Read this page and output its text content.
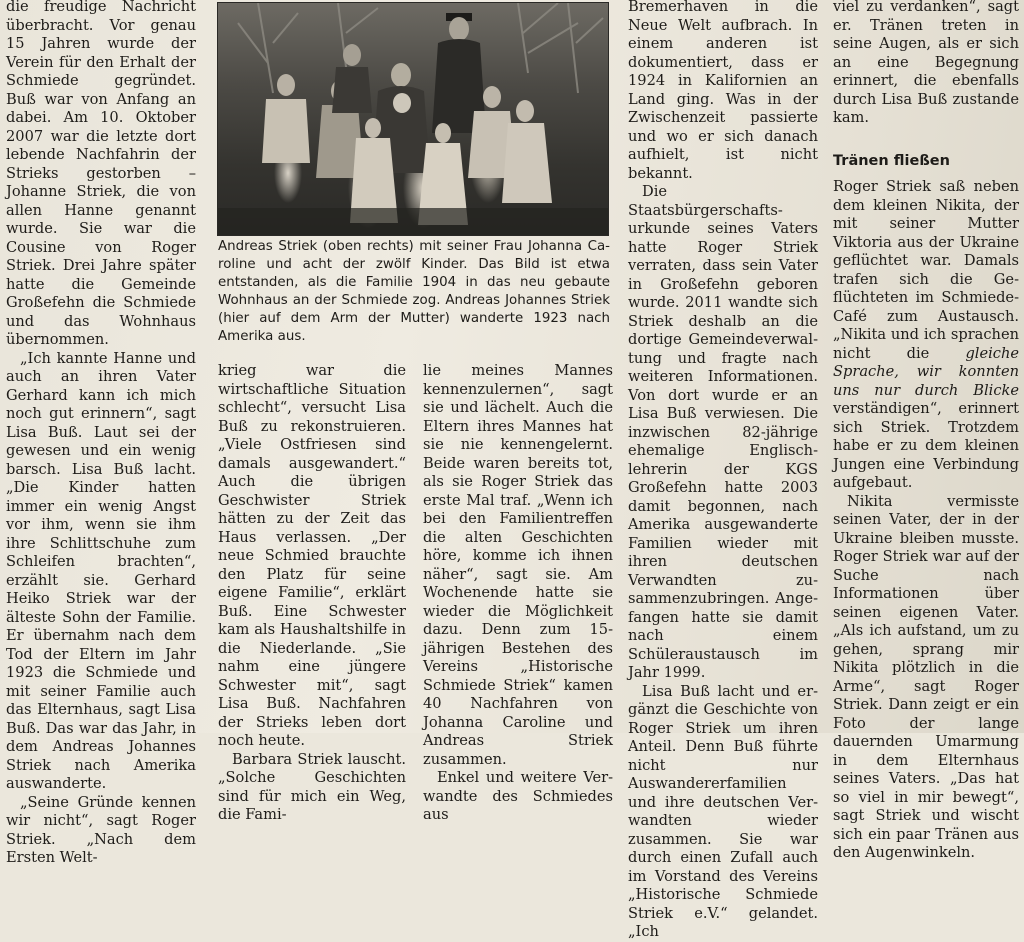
die freudige Nachricht überbracht. Vor genau 15 Jahren wurde der Verein für den Erhalt der Schmiede gegründet. Buß war von Anfang an dabei. Am 10. Oktober 2007 war die letzte dort lebende Nachfahrin der Strieks gestorben – Johanne Striek, die von allen Hanne genannt wurde. Sie war die Cousine von Roger Striek. Drei Jahre später hatte die Gemeinde Großefehn die Schmiede und das Wohnhaus übernommen.

„Ich kannte Hanne und auch an ihren Vater Gerhard kann ich mich noch gut erinnern“, sagt Lisa Buß. Laut sei der gewesen und ein wenig barsch. Lisa Buß lacht. „Die Kinder hatten immer ein wenig Angst vor ihm, wenn sie ihm ihre Schlittschuhe zum Schleifen brachten“, erzählt sie. Gerhard Heiko Striek war der älteste Sohn der Familie. Er übernahm nach dem Tod der Eltern im Jahr 1923 die Schmiede und mit seiner Familie auch das Elternhaus, sagt Lisa Buß. Das war das Jahr, in dem Andreas Johannes Striek nach Amerika auswanderte.

„Seine Gründe kennen wir nicht“, sagt Roger Striek. „Nach dem Ersten Welt-

Andreas Striek (oben rechts) mit seiner Frau Johanna Caroline und acht der zwölf Kinder. Das Bild ist etwa entstanden, als die Familie 1904 in das neu gebaute Wohnhaus an der Schmiede zog. Andreas Johannes Striek (hier auf dem Arm der Mutter) wanderte 1923 nach Amerika aus.

krieg war die wirtschaftliche Situation schlecht“, versucht Lisa Buß zu rekonstruieren. „Viele Ostfriesen sind damals ausgewandert.“ Auch die übrigen Geschwister Striek hätten zu der Zeit das Haus verlassen. „Der neue Schmied brauchte den Platz für seine eigene Familie“, erklärt Buß. Eine Schwester kam als Haushaltshilfe in die Niederlande. „Sie nahm eine jüngere Schwester mit“, sagt Lisa Buß. Nachfahren der Strieks leben dort noch heute.

Barbara Striek lauscht. „Solche Geschichten sind für mich ein Weg, die Fami-

lie meines Mannes kennenzulernen“, sagt sie und lächelt. Auch die Eltern ihres Mannes hat sie nie kennengelernt. Beide waren bereits tot, als sie Roger Striek das erste Mal traf. „Wenn ich bei den Familientreffen die alten Geschichten höre, komme ich ihnen näher“, sagt sie. Am Wochenende hatte sie wieder die Möglichkeit dazu. Denn zum 15-jährigen Bestehen des Vereins „Historische Schmiede Striek“ kamen 40 Nachfahren von Johanna Caroline und Andreas Striek zusammen.

Enkel und weitere Verwandte des Schmiedes aus

Bremerhaven in die Neue Welt aufbrach. In einem anderen ist dokumentiert, dass er 1924 in Kalifornien an Land ging. Was in der Zwischenzeit passierte und wo er sich danach aufhielt, ist nicht bekannt.

Die Staatsbürgerschaftsurkunde seines Vaters hatte Roger Striek verraten, dass sein Vater in Großefehn geboren wurde. 2011 wandte sich Striek deshalb an die dortige Gemeindeverwaltung und fragte nach weiteren Informationen. Von dort wurde er an Lisa Buß verwiesen. Die inzwischen 82-jährige ehemalige Englischlehrerin der KGS Großefehn hatte 2003 damit begonnen, nach Amerika ausgewanderte Familien wieder mit ihren deutschen Verwandten zusammenzubringen. Angefangen hatte sie damit nach einem Schüleraustausch im Jahr 1999.

Lisa Buß lacht und ergänzt die Geschichte von Roger Striek um ihren Anteil. Denn Buß führte nicht nur Auswandererfamilien und ihre deutschen Verwandten wieder zusammen. Sie war durch einen Zufall auch im Vorstand des Vereins „Historische Schmiede Striek e.V.“ gelandet. „Ich

viel zu verdanken“, sagt er. Tränen treten in seine Augen, als er sich an eine Begegnung erinnert, die ebenfalls durch Lisa Buß zustande kam.

Tränen fließen

Roger Striek saß neben dem kleinen Nikita, der mit seiner Mutter Viktoria aus der Ukraine geflüchtet war. Damals trafen sich die Geflüchteten im Schmiede-Café zum Austausch. „Nikita und ich sprachen nicht die gleiche Sprache, wir konnten uns nur durch Blicke verständigen“, erinnert sich Striek. Trotzdem habe er zu dem kleinen Jungen eine Verbindung aufgebaut.

Nikita vermisste seinen Vater, der in der Ukraine bleiben musste. Roger Striek war auf der Suche nach Informationen über seinen eigenen Vater. „Als ich aufstand, um zu gehen, sprang mir Nikita plötzlich in die Arme“, sagt Roger Striek. Dann zeigt er ein Foto der lange dauernden Umarmung in dem Elternhaus seines Vaters. „Das hat so viel in mir bewegt“, sagt Striek und wischt sich ein paar Tränen aus den Augenwinkeln.
